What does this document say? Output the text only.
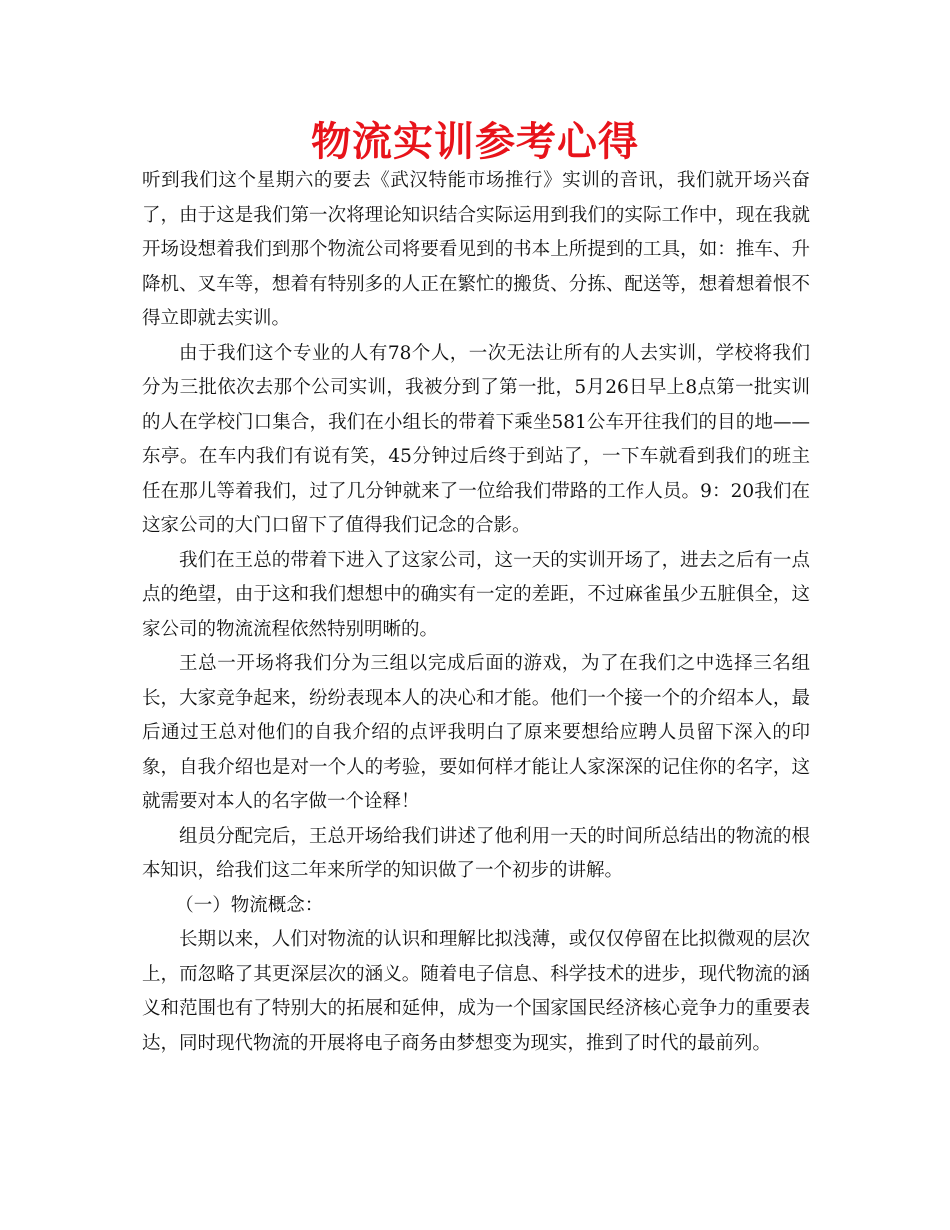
物流实训参考心得

听到我们这个星期六的要去《武汉特能市场推行》实训的音讯，我们就开场兴奋了，由于这是我们第一次将理论知识结合实际运用到我们的实际工作中，现在我就开场设想着我们到那个物流公司将要看见到的书本上所提到的工具，如：推车、升降机、叉车等，想着有特别多的人正在繁忙的搬货、分拣、配送等，想着想着恨不得立即就去实训。

由于我们这个专业的人有78个人，一次无法让所有的人去实训，学校将我们分为三批依次去那个公司实训，我被分到了第一批，5月26日早上8点第一批实训的人在学校门口集合，我们在小组长的带着下乘坐581公车开往我们的目的地——东亭。在车内我们有说有笑，45分钟过后终于到站了，一下车就看到我们的班主任在那儿等着我们，过了几分钟就来了一位给我们带路的工作人员。9：20我们在这家公司的大门口留下了值得我们记念的合影。

我们在王总的带着下进入了这家公司，这一天的实训开场了，进去之后有一点点的绝望，由于这和我们想想中的确实有一定的差距，不过麻雀虽少五脏俱全，这家公司的物流流程依然特别明晰的。

王总一开场将我们分为三组以完成后面的游戏，为了在我们之中选择三名组长，大家竞争起来，纷纷表现本人的决心和才能。他们一个接一个的介绍本人，最后通过王总对他们的自我介绍的点评我明白了原来要想给应聘人员留下深入的印象，自我介绍也是对一个人的考验，要如何样才能让人家深深的记住你的名字，这就需要对本人的名字做一个诠释！

组员分配完后，王总开场给我们讲述了他利用一天的时间所总结出的物流的根本知识，给我们这二年来所学的知识做了一个初步的讲解。

（一）物流概念：

长期以来，人们对物流的认识和理解比拟浅薄，或仅仅停留在比拟微观的层次上，而忽略了其更深层次的涵义。随着电子信息、科学技术的进步，现代物流的涵义和范围也有了特别大的拓展和延伸，成为一个国家国民经济核心竞争力的重要表达，同时现代物流的开展将电子商务由梦想变为现实，推到了时代的最前列。
